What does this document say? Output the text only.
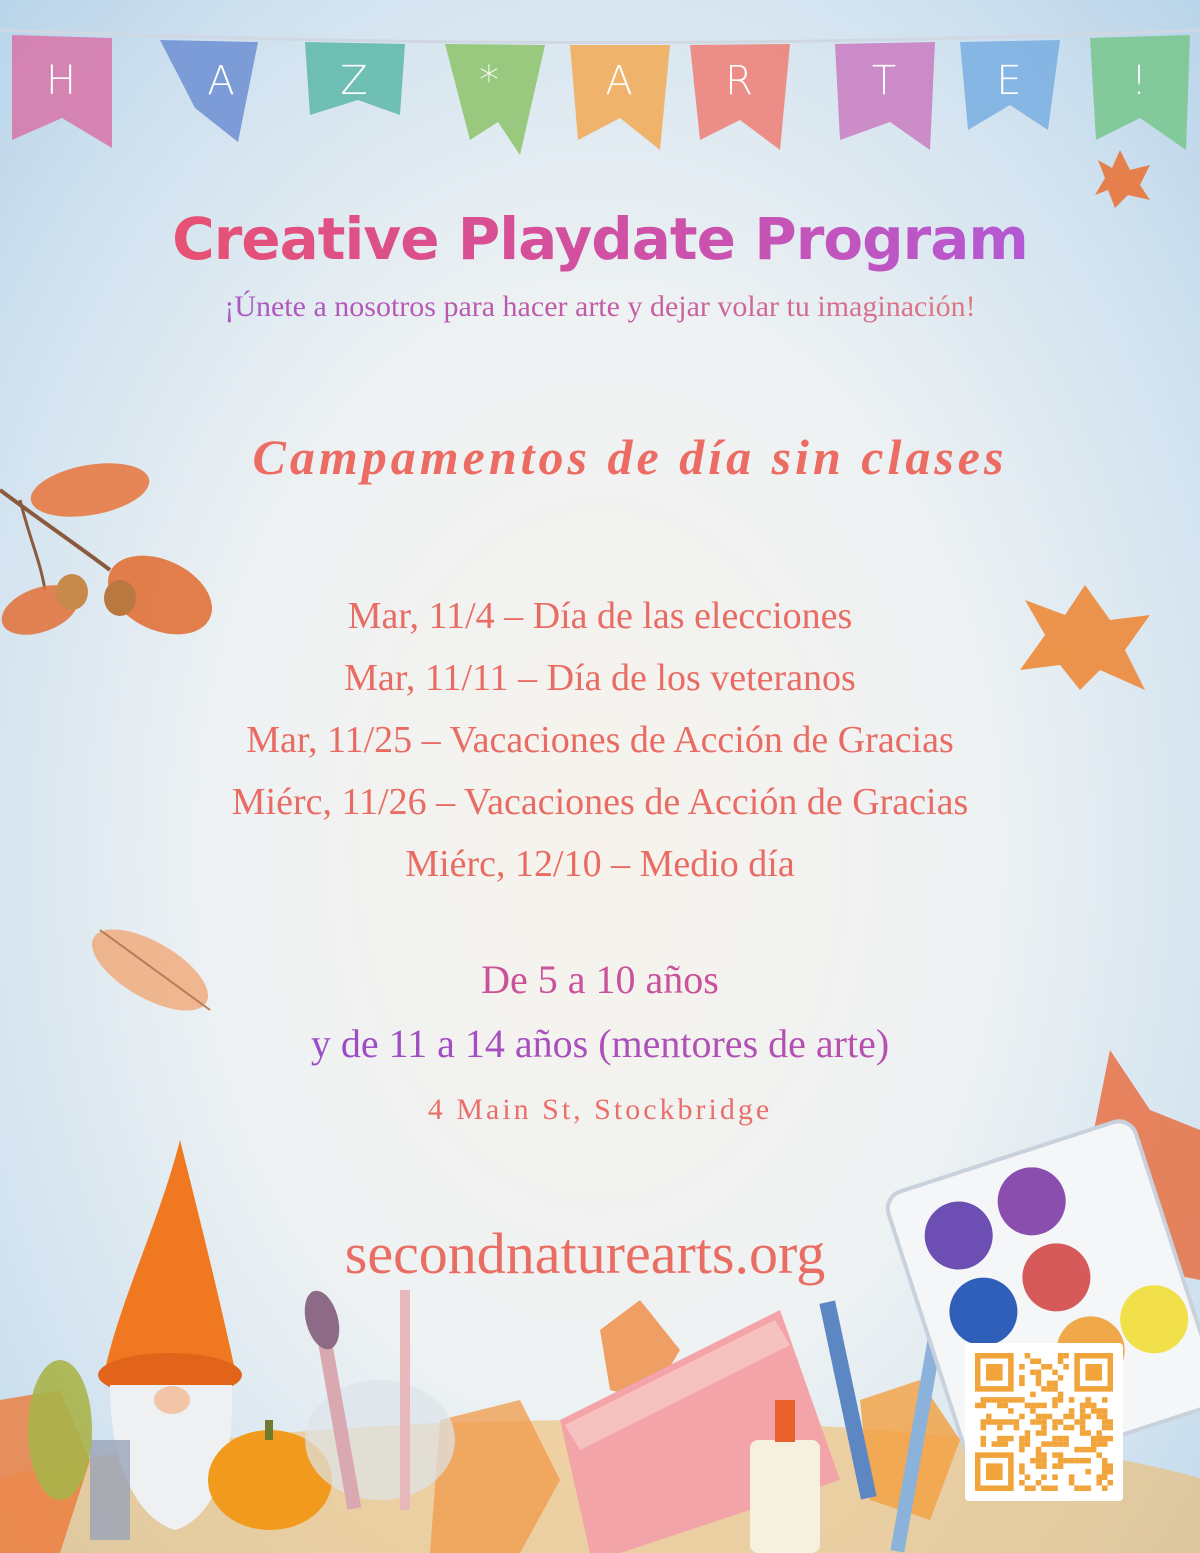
H	A	Z	*	A	R	T	E	!
Creative Playdate Program
¡Únete a nosotros para hacer arte y dejar volar tu imaginación!
Campamentos de día sin clases
Mar, 11/4 – Día de las elecciones
Mar, 11/11 – Día de los veteranos
Mar, 11/25 – Vacaciones de Acción de Gracias
Miérc, 11/26 – Vacaciones de Acción de Gracias
Miérc, 12/10 – Medio día
De 5 a 10 años
y de 11 a 14 años (mentores de arte)
4 Main St, Stockbridge
secondnaturearts.org
